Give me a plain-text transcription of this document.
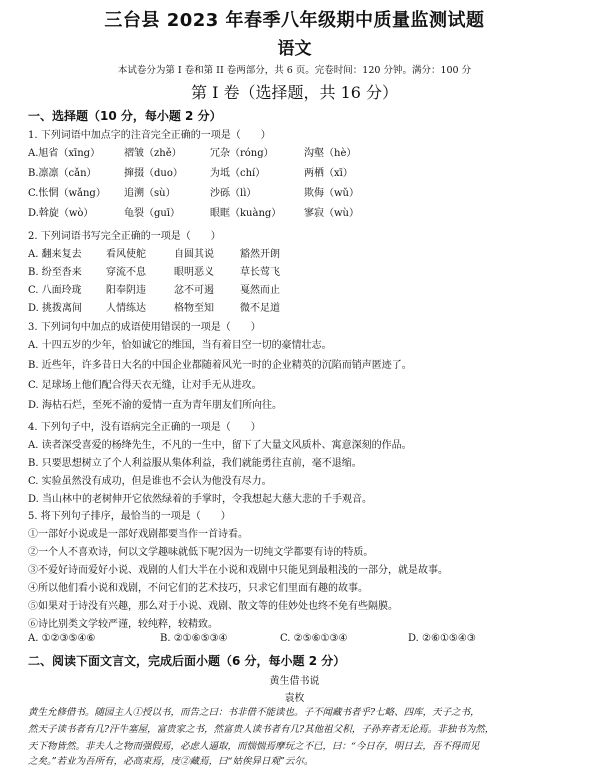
三台县 2023 年春季八年级期中质量监测试题
语文
本试卷分为第 I 卷和第 II 卷两部分，共 6 页。完卷时间：120 分钟。满分：100 分
第 I 卷（选择题，共 16 分）
一、选择题（10 分，每小题 2 分）
1. 下列词语中加点字的注音完全正确的一项是（　　）
A.旭省（xīng） 褶皱（zhě）	冗杂（róng）	沟壑（hè）
B.凛凛（cǎn）	撺掇（duo）	为坻（chí）	两栖（xī）
C.怅惘（wǎng） 追溯（sù）	沙砾（lì）	欺侮（wǔ）
D.斡旋（wò）	龟裂（guī）	眼眶（kuàng） 寥寂（wù）
2. 下列词语书写完全正确的一项是（　　）
A. 翻来复去 看风使舵	自圆其说	豁然开朗
B. 纷至沓来 穿流不息	眼明恶义	草长莺飞
C. 八面玲珑 阳奉阴违	忿不可遏	戛然而止
D. 挑拨离间 人情练达	格物至知	微不足道
3. 下列词句中加点的成语使用错误的一项是（　　）
A. 十四五岁的少年，恰如诚它的维国，当有着目空一切的豪情壮志。
B. 近些年，许多昔日大名的中国企业都随着风光一时的企业精英的沉陷而销声匿迹了。
C. 足球场上他们配合得天衣无缝，让对手无从进攻。
D. 海枯石烂，至死不渝的爱情一直为青年朋友们所向往。
4. 下列句子中，没有语病完全正确的一项是（　　）
A. 读者深受喜爱的杨绛先生，不凡的一生中，留下了大量文风质朴、寓意深刻的作品。
B. 只要思想树立了个人利益服从集体利益，我们就能勇往直前，毫不退缩。
C. 实验虽然没有成功，但是谁也不会认为他没有尽力。
D. 当山林中的老树伸开它依然绿着的手掌时，令我想起大慈大悲的千手观音。
5. 将下列句子排序，最恰当的一项是（　　）
①一部好小说或是一部好戏剧都要当作一首诗看。
②一个人不喜欢诗，何以文学趣味就低下呢?因为一切纯文学都要有诗的特质。
③不爱好诗而爱好小说、戏剧的人们大半在小说和戏剧中只能见到最粗浅的一部分，就是故事。
④所以他们看小说和戏剧，不问它们的艺术技巧，只求它们里面有趣的故事。
⑤如果对于诗没有兴趣，那么对于小说、戏剧、散文等的佳妙处也终不免有些隔膜。
⑥诗比别类文学较严谨，较纯粹，较精致。
A. ①②③⑤④⑥	B. ②①⑥⑤③④	C. ②⑤⑥①③④	D. ②⑥①⑤④③
二、阅读下面文言文，完成后面小题（6 分，每小题 2 分）
黄生借书说
袁枚
黄生允修借书。随园主人①授以书，而告之曰：书非借不能读也。子不闻藏书者乎?七略、四库，天子之书，
然天子读书者有几?汗牛塞屋，富贵家之书，然富贵人读书者有几?其他祖父积，子孙弃者无论焉。非独书为然，
天下物皆然。非夫人之物而强假焉，必虑人逼取，而惴惴焉摩玩之不已，曰：“今日存，明日去，吾不得而见
之矣。”若业为吾所有，必高束焉，庋②藏焉，曰“姑俟异日观”云尔。
